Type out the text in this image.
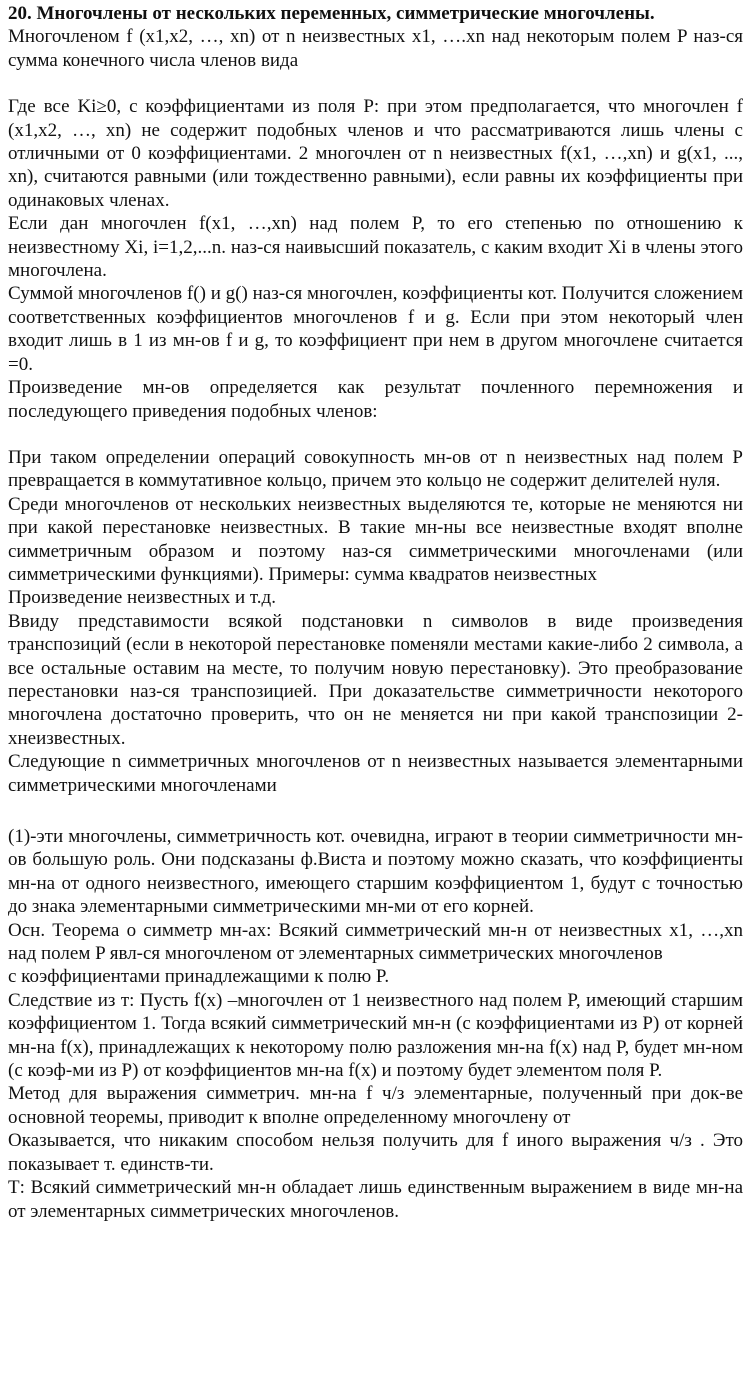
20. Многочлены от нескольких переменных, симметрические многочлены.

Многочленом f (x1,x2, …, xn) от n неизвестных x1, ….xn над некоторым полем P наз-ся сумма конечного числа членов вида

Где все Ki≥0, с коэффициентами из поля P: при этом предполагается, что многочлен f (x1,x2, …, xn) не содержит подобных членов и что рассматриваются лишь члены с отличными от 0 коэффициентами. 2 многочлен от n неизвестных f(x1, …,xn) и g(x1, ..., xn), считаются равными (или тождественно равными), если равны их коэффициенты при одинаковых членах.

Если дан многочлен f(x1, …,xn) над полем P, то его степенью по отношению к неизвестному Xi, i=1,2,...n. наз-ся наивысший показатель, с каким входит Xi в члены этого многочлена.

Суммой многочленов f() и g() наз-ся многочлен, коэффициенты кот. Получится сложением соответственных коэффициентов многочленов f и g. Если при этом некоторый член входит лишь в 1 из мн-ов f и g, то коэффициент при нем в другом многочлене считается =0.

Произведение мн-ов определяется как результат почленного перемножения и последующего приведения подобных членов:

При таком определении операций совокупность мн-ов от n неизвестных над полем P превращается в коммутативное кольцо, причем это кольцо не содержит делителей нуля.

Среди многочленов от нескольких неизвестных выделяются те, которые не меняются ни при какой перестановке неизвестных. В такие мн-ны все неизвестные входят вполне симметричным образом и поэтому наз-ся симметрическими многочленами (или симметрическими функциями). Примеры: сумма квадратов неизвестных

Произведение неизвестных и т.д.

Ввиду представимости всякой подстановки n символов в виде произведения транспозиций (если в некоторой перестановке поменяли местами какие-либо 2 символа, а все остальные оставим на месте, то получим новую перестановку). Это преобразование перестановки наз-ся транспозицией. При доказательстве симметричности некоторого многочлена достаточно проверить, что он не меняется ни при какой транспозиции 2-хнеизвестных.

Следующие n симметричных многочленов от n неизвестных называется элементарными симметрическими многочленами

(1)-эти многочлены, симметричность кот. очевидна, играют в теории симметричности мн-ов большую роль. Они подсказаны ф.Виста и поэтому можно сказать, что коэффициенты мн-на от одного неизвестного, имеющего старшим коэффициентом 1, будут с точностью до знака элементарными симметрическими мн-ми от его корней.

Осн. Теорема о симметр мн-ах: Всякий симметрический мн-н от неизвестных x1, …,xn над полем P явл-ся многочленом от элементарных симметрических многочленов

с коэффициентами принадлежащими к полю P.

Следствие из т: Пусть f(x) –многочлен от 1 неизвестного над полем P, имеющий старшим коэффициентом 1. Тогда всякий симметрический мн-н (с коэффициентами из P) от корней мн-на f(x), принадлежащих к некоторому полю разложения мн-на f(x) над P, будет мн-ном (с коэф-ми из P) от коэффициентов мн-на f(x) и поэтому будет элементом поля P.

Метод для выражения симметрич. мн-на f ч/з элементарные, полученный при док-ве основной теоремы, приводит к вполне определенному многочлену от

Оказывается, что никаким способом нельзя получить для f иного выражения ч/з . Это показывает т. единств-ти.

Т: Всякий симметрический мн-н обладает лишь единственным выражением в виде мн-на от элементарных симметрических многочленов.
